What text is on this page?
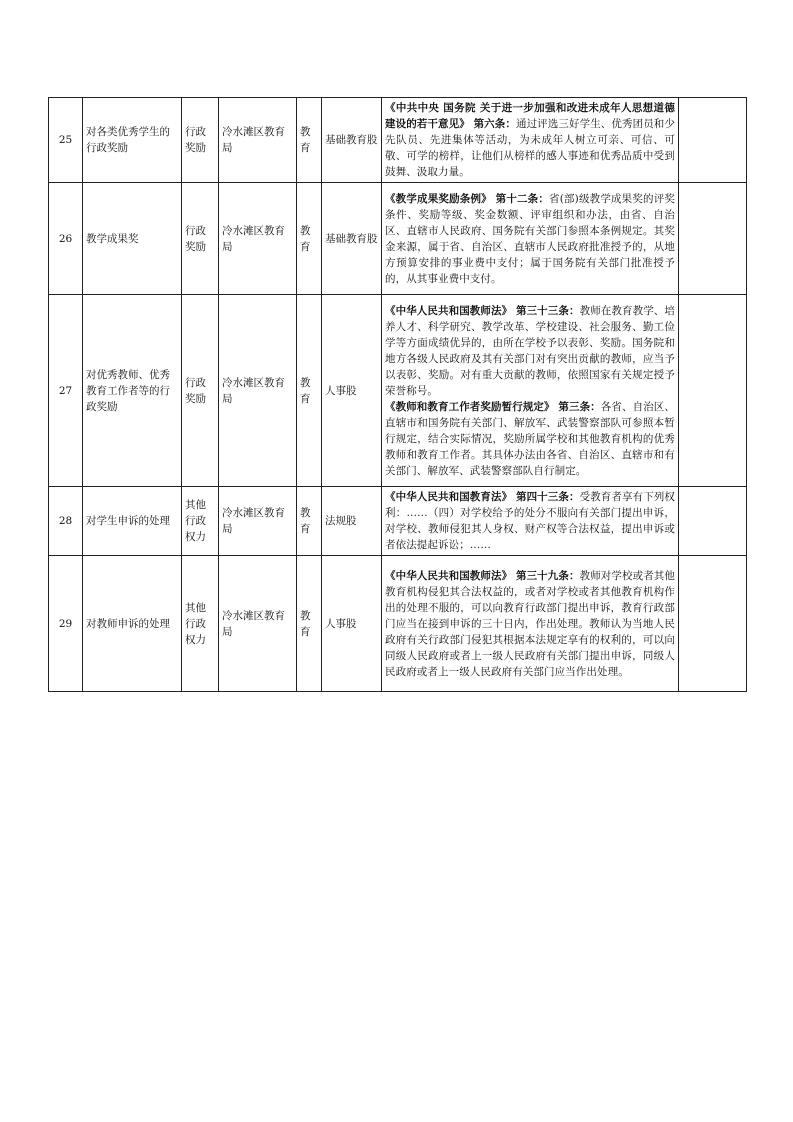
25	对各类优秀学生的行政奖励	行政奖励	冷水滩区教育局	教育	基础教育股	《中共中央 国务院 关于进一步加强和改进未成年人思想道德建设的若干意见》 第六条：通过评选三好学生、优秀团员和少先队员、先进集体等活动，为未成年人树立可亲、可信、可敬、可学的榜样，让他们从榜样的感人事迹和优秀品质中受到鼓舞、汲取力量。	

26	教学成果奖	行政奖励	冷水滩区教育局	教育	基础教育股	《教学成果奖励条例》 第十二条：省(部)级教学成果奖的评奖条件、奖励等级、奖金数额、评审组织和办法，由省、自治区、直辖市人民政府、国务院有关部门参照本条例规定。其奖金来源，属于省、自治区、直辖市人民政府批准授予的，从地方预算安排的事业费中支付；属于国务院有关部门批准授予的，从其事业费中支付。	

27	对优秀教师、优秀教育工作者等的行政奖励	行政奖励	冷水滩区教育局	教育	人事股	《中华人民共和国教师法》 第三十三条：教师在教育教学、培养人才、科学研究、教学改革、学校建设、社会服务、勤工俭学等方面成绩优异的，由所在学校予以表彰、奖励。国务院和地方各级人民政府及其有关部门对有突出贡献的教师，应当予以表彰、奖励。对有重大贡献的教师，依照国家有关规定授予荣誉称号。
《教师和教育工作者奖励暂行规定》 第三条：各省、自治区、直辖市和国务院有关部门、解放军、武装警察部队可参照本暂行规定，结合实际情况，奖励所属学校和其他教育机构的优秀教师和教育工作者。其具体办法由各省、自治区、直辖市和有关部门、解放军、武装警察部队自行制定。	

28	对学生申诉的处理	其他行政权力	冷水滩区教育局	教育	法规股	《中华人民共和国教育法》 第四十三条：受教育者享有下列权利：……（四）对学校给予的处分不服向有关部门提出申诉，对学校、教师侵犯其人身权、财产权等合法权益，提出申诉或者依法提起诉讼；……	

29	对教师申诉的处理	其他行政权力	冷水滩区教育局	教育	人事股	《中华人民共和国教师法》 第三十九条：教师对学校或者其他教育机构侵犯其合法权益的，或者对学校或者其他教育机构作出的处理不服的，可以向教育行政部门提出申诉，教育行政部门应当在接到申诉的三十日内，作出处理。教师认为当地人民政府有关行政部门侵犯其根据本法规定享有的权利的，可以向同级人民政府或者上一级人民政府有关部门提出申诉，同级人民政府或者上一级人民政府有关部门应当作出处理。	
